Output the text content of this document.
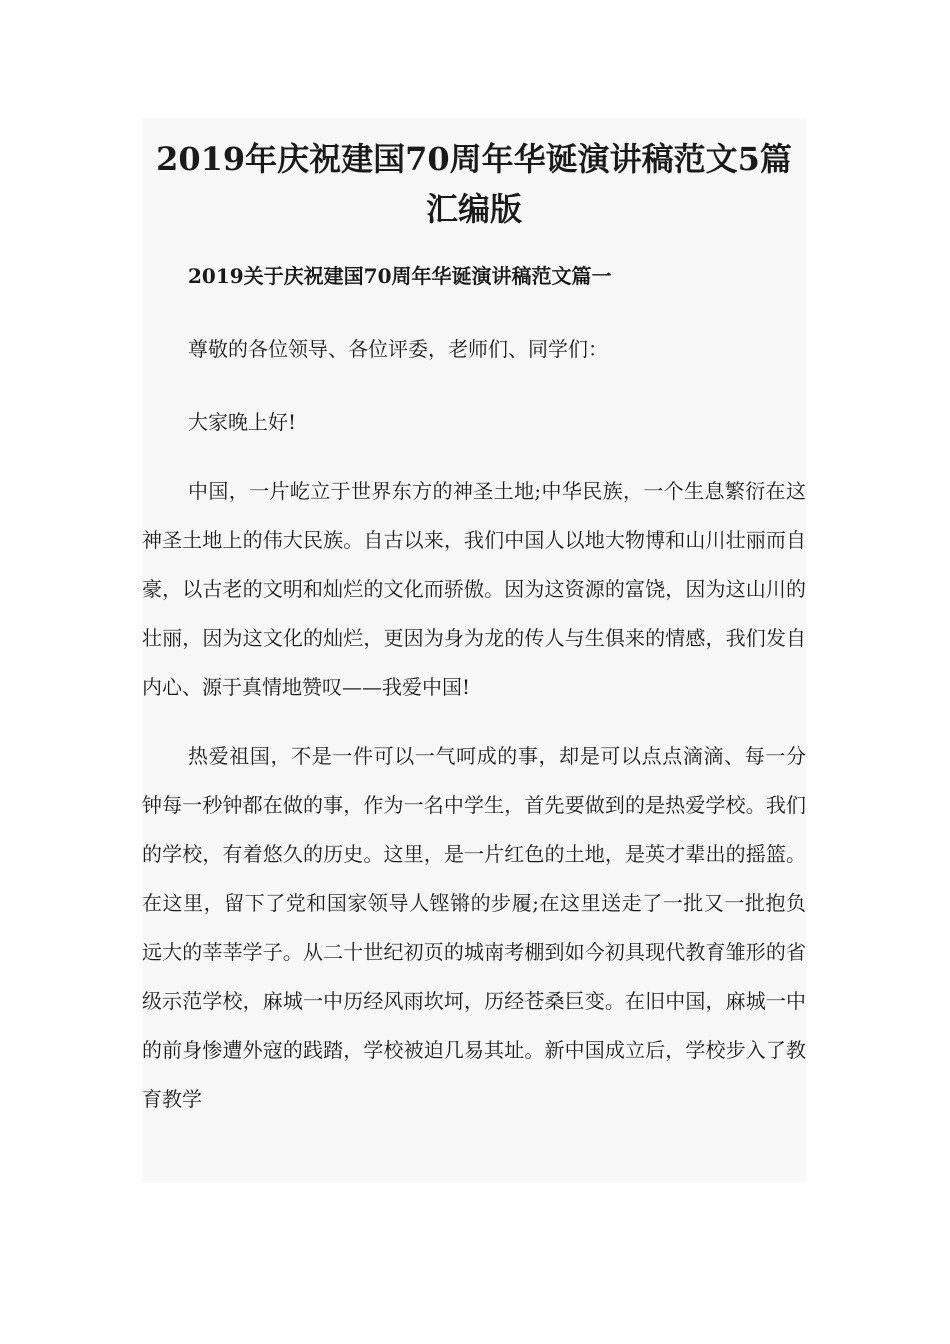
2019年庆祝建国70周年华诞演讲稿范文5篇汇编版

2019关于庆祝建国70周年华诞演讲稿范文篇一

尊敬的各位领导、各位评委，老师们、同学们：

大家晚上好!

中国，一片屹立于世界东方的神圣土地;中华民族，一个生息繁衍在这神圣土地上的伟大民族。自古以来，我们中国人以地大物博和山川壮丽而自豪，以古老的文明和灿烂的文化而骄傲。因为这资源的富饶，因为这山川的壮丽，因为这文化的灿烂，更因为身为龙的传人与生俱来的情感，我们发自内心、源于真情地赞叹——我爱中国!

热爱祖国，不是一件可以一气呵成的事，却是可以点点滴滴、每一分钟每一秒钟都在做的事，作为一名中学生，首先要做到的是热爱学校。我们的学校，有着悠久的历史。这里，是一片红色的土地，是英才辈出的摇篮。在这里，留下了党和国家领导人铿锵的步履;在这里送走了一批又一批抱负远大的莘莘学子。从二十世纪初页的城南考棚到如今初具现代教育雏形的省级示范学校，麻城一中历经风雨坎坷，历经苍桑巨变。在旧中国，麻城一中的前身惨遭外寇的践踏，学校被迫几易其址。新中国成立后，学校步入了教育教学
